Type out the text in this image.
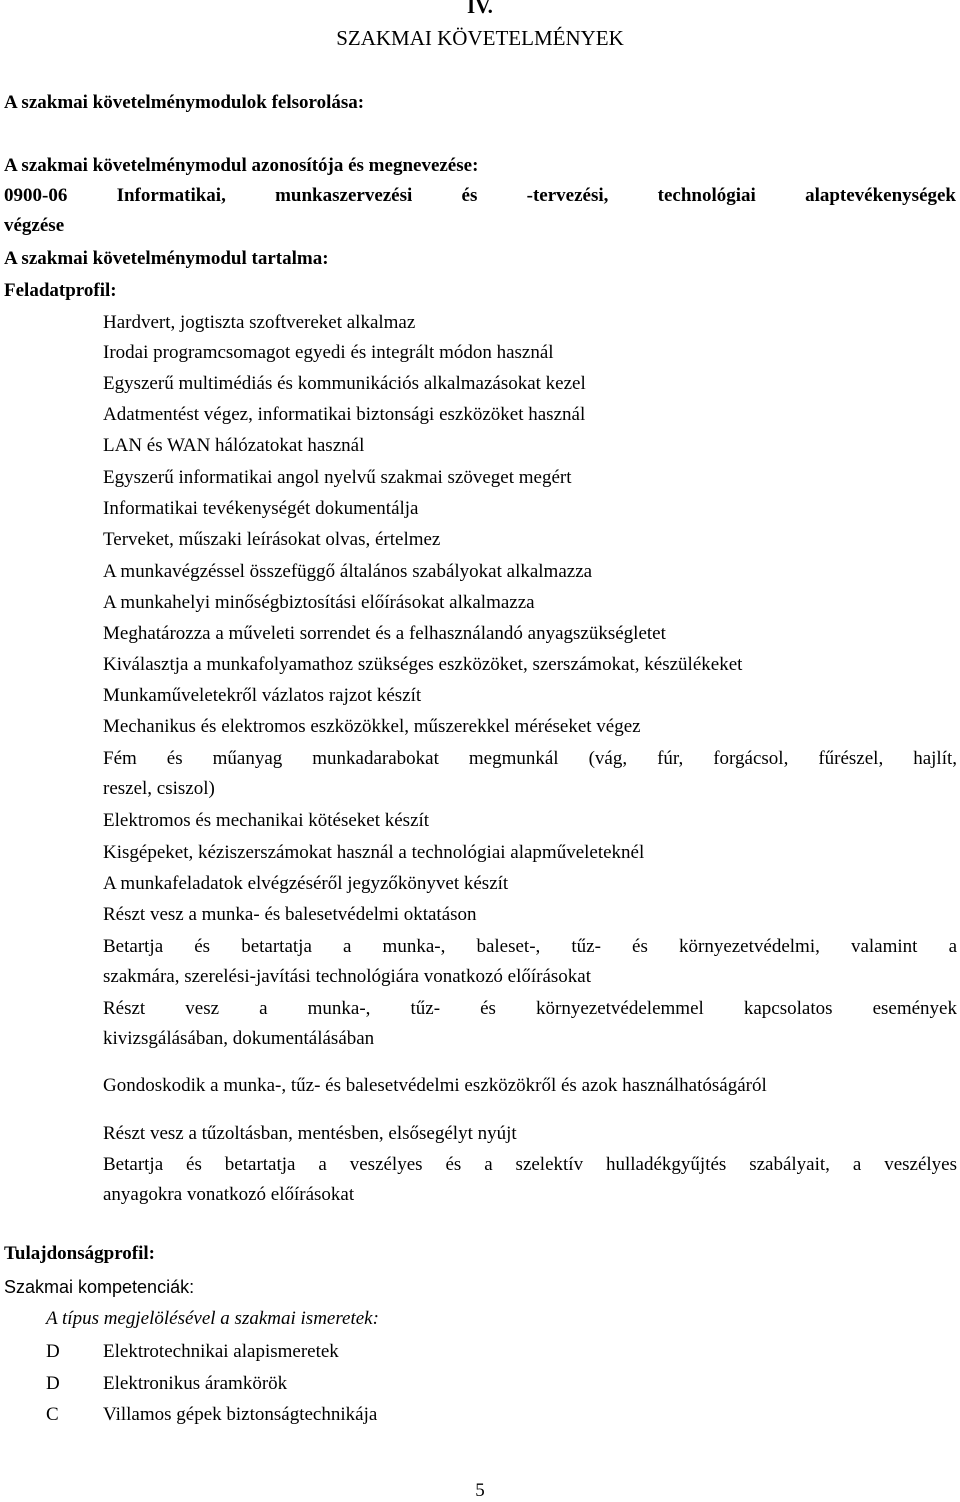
IV.
SZAKMAI KÖVETELMÉNYEK
A szakmai követelménymodulok felsorolása:
A szakmai követelménymodul azonosítója és megnevezése:
0900-06 Informatikai, munkaszervezési és -tervezési, technológiai alaptevékenységek
végzése
A szakmai követelménymodul tartalma:
Feladatprofil:
Hardvert, jogtiszta szoftvereket alkalmaz
Irodai programcsomagot egyedi és integrált módon használ
Egyszerű multimédiás és kommunikációs alkalmazásokat kezel
Adatmentést végez, informatikai biztonsági eszközöket használ
LAN és WAN hálózatokat használ
Egyszerű informatikai angol nyelvű szakmai szöveget megért
Informatikai tevékenységét dokumentálja
Terveket, műszaki leírásokat olvas, értelmez
A munkavégzéssel összefüggő általános szabályokat alkalmazza
A munkahelyi minőségbiztosítási előírásokat alkalmazza
Meghatározza a műveleti sorrendet és a felhasználandó anyagszükségletet
Kiválasztja a munkafolyamathoz szükséges eszközöket, szerszámokat, készülékeket
Munkaműveletekről vázlatos rajzot készít
Mechanikus és elektromos eszközökkel, műszerekkel méréseket végez
Fém és műanyag munkadarabokat megmunkál (vág, fúr, forgácsol, fűrészel, hajlít,
reszel, csiszol)
Elektromos és mechanikai kötéseket készít
Kisgépeket, kéziszerszámokat használ a technológiai alapműveleteknél
A munkafeladatok elvégzéséről jegyzőkönyvet készít
Részt vesz a munka- és balesetvédelmi oktatáson
Betartja és betartatja a munka-, baleset-, tűz- és környezetvédelmi, valamint a
szakmára, szerelési-javítási technológiára vonatkozó előírásokat
Részt vesz a munka-, tűz- és környezetvédelemmel kapcsolatos események
kivizsgálásában, dokumentálásában
Gondoskodik a munka-, tűz- és balesetvédelmi eszközökről és azok használhatóságáról
Részt vesz a tűzoltásban, mentésben, elsősegélyt nyújt
Betartja és betartatja a veszélyes és a szelektív hulladékgyűjtés szabályait, a veszélyes
anyagokra vonatkozó előírásokat
Tulajdonságprofil:
Szakmai kompetenciák:
A típus megjelölésével a szakmai ismeretek:
D Elektrotechnikai alapismeretek
D Elektronikus áramkörök
C Villamos gépek biztonságtechnikája
5
